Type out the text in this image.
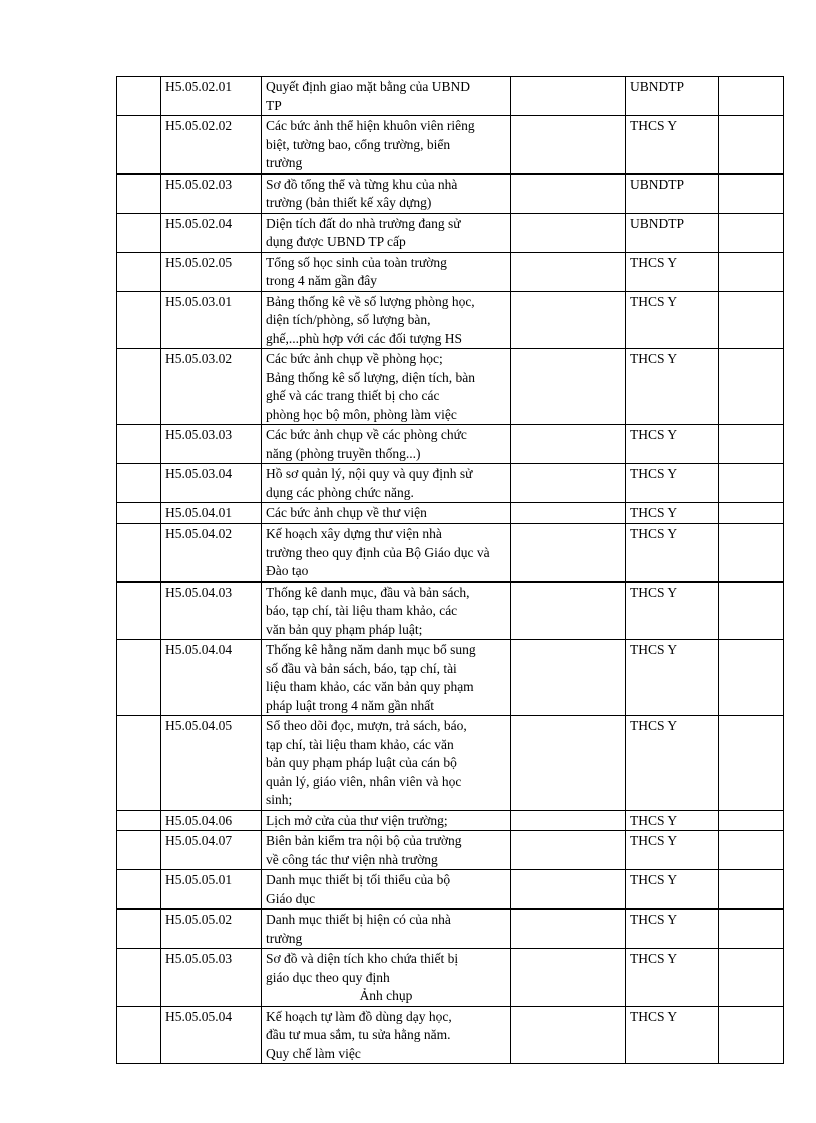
	H5.05.02.01	Quyết định giao mặt bằng của UBND
TP		UBNDTP	
	H5.05.02.02	Các bức ảnh thể hiện khuôn viên riêng
biệt, tường bao, cổng trường, biển
trường		THCS Y	
	H5.05.02.03	Sơ đồ tổng thể và từng khu của nhà
trường (bản thiết kế xây dựng)		UBNDTP	
	H5.05.02.04	Diện tích đất do nhà trường đang sử
dụng được UBND TP cấp		UBNDTP	
	H5.05.02.05	Tổng số học sinh của toàn trường
trong 4 năm gần đây		THCS Y	
	H5.05.03.01	Bảng thống kê về số lượng phòng học,
diện tích/phòng, số lượng bàn,
ghế,...phù hợp với các đối tượng HS		THCS Y	
	H5.05.03.02	Các bức ảnh chụp về phòng học;
Bảng thống kê số lượng, diện tích, bàn
ghế và các trang thiết bị cho các
phòng học bộ môn, phòng làm việc		THCS Y	
	H5.05.03.03	Các bức ảnh chụp về các phòng chức
năng (phòng truyền thống...)		THCS Y	
	H5.05.03.04	Hồ sơ quản lý, nội quy và quy định sử
dụng các phòng chức năng.		THCS Y	
	H5.05.04.01	Các bức ảnh chụp về thư viện		THCS Y	
	H5.05.04.02	Kế hoạch xây dựng thư viện nhà
trường theo quy định của Bộ Giáo dục và
Đào tạo		THCS Y	
	H5.05.04.03	Thống kê danh mục, đầu và bản sách,
báo, tạp chí, tài liệu tham khảo, các
văn bản quy phạm pháp luật;		THCS Y	
	H5.05.04.04	Thống kê hằng năm danh mục bổ sung
số đầu và bản sách, báo, tạp chí, tài
liệu tham khảo, các văn bản quy phạm
pháp luật trong 4 năm gần nhất		THCS Y	
	H5.05.04.05	Sổ theo dõi đọc, mượn, trả sách, báo,
tạp chí, tài liệu tham khảo, các văn
bản quy phạm pháp luật của cán bộ
quản lý, giáo viên, nhân viên và học
sinh;		THCS Y	
	H5.05.04.06	Lịch mở cửa của thư viện trường;		THCS Y	
	H5.05.04.07	Biên bản kiểm tra nội bộ của trường
về công tác thư viện nhà trường		THCS Y	
	H5.05.05.01	Danh mục thiết bị tối thiểu của bộ
Giáo dục		THCS Y	
	H5.05.05.02	Danh mục thiết bị hiện có của nhà
trường		THCS Y	
	H5.05.05.03	Sơ đồ và diện tích kho chứa thiết bị
giáo dục theo quy định
Ảnh chụp		THCS Y	
	H5.05.05.04	Kế hoạch tự làm đồ dùng dạy học,
đầu tư mua sắm, tu sửa hằng năm.
Quy chế làm việc		THCS Y	
